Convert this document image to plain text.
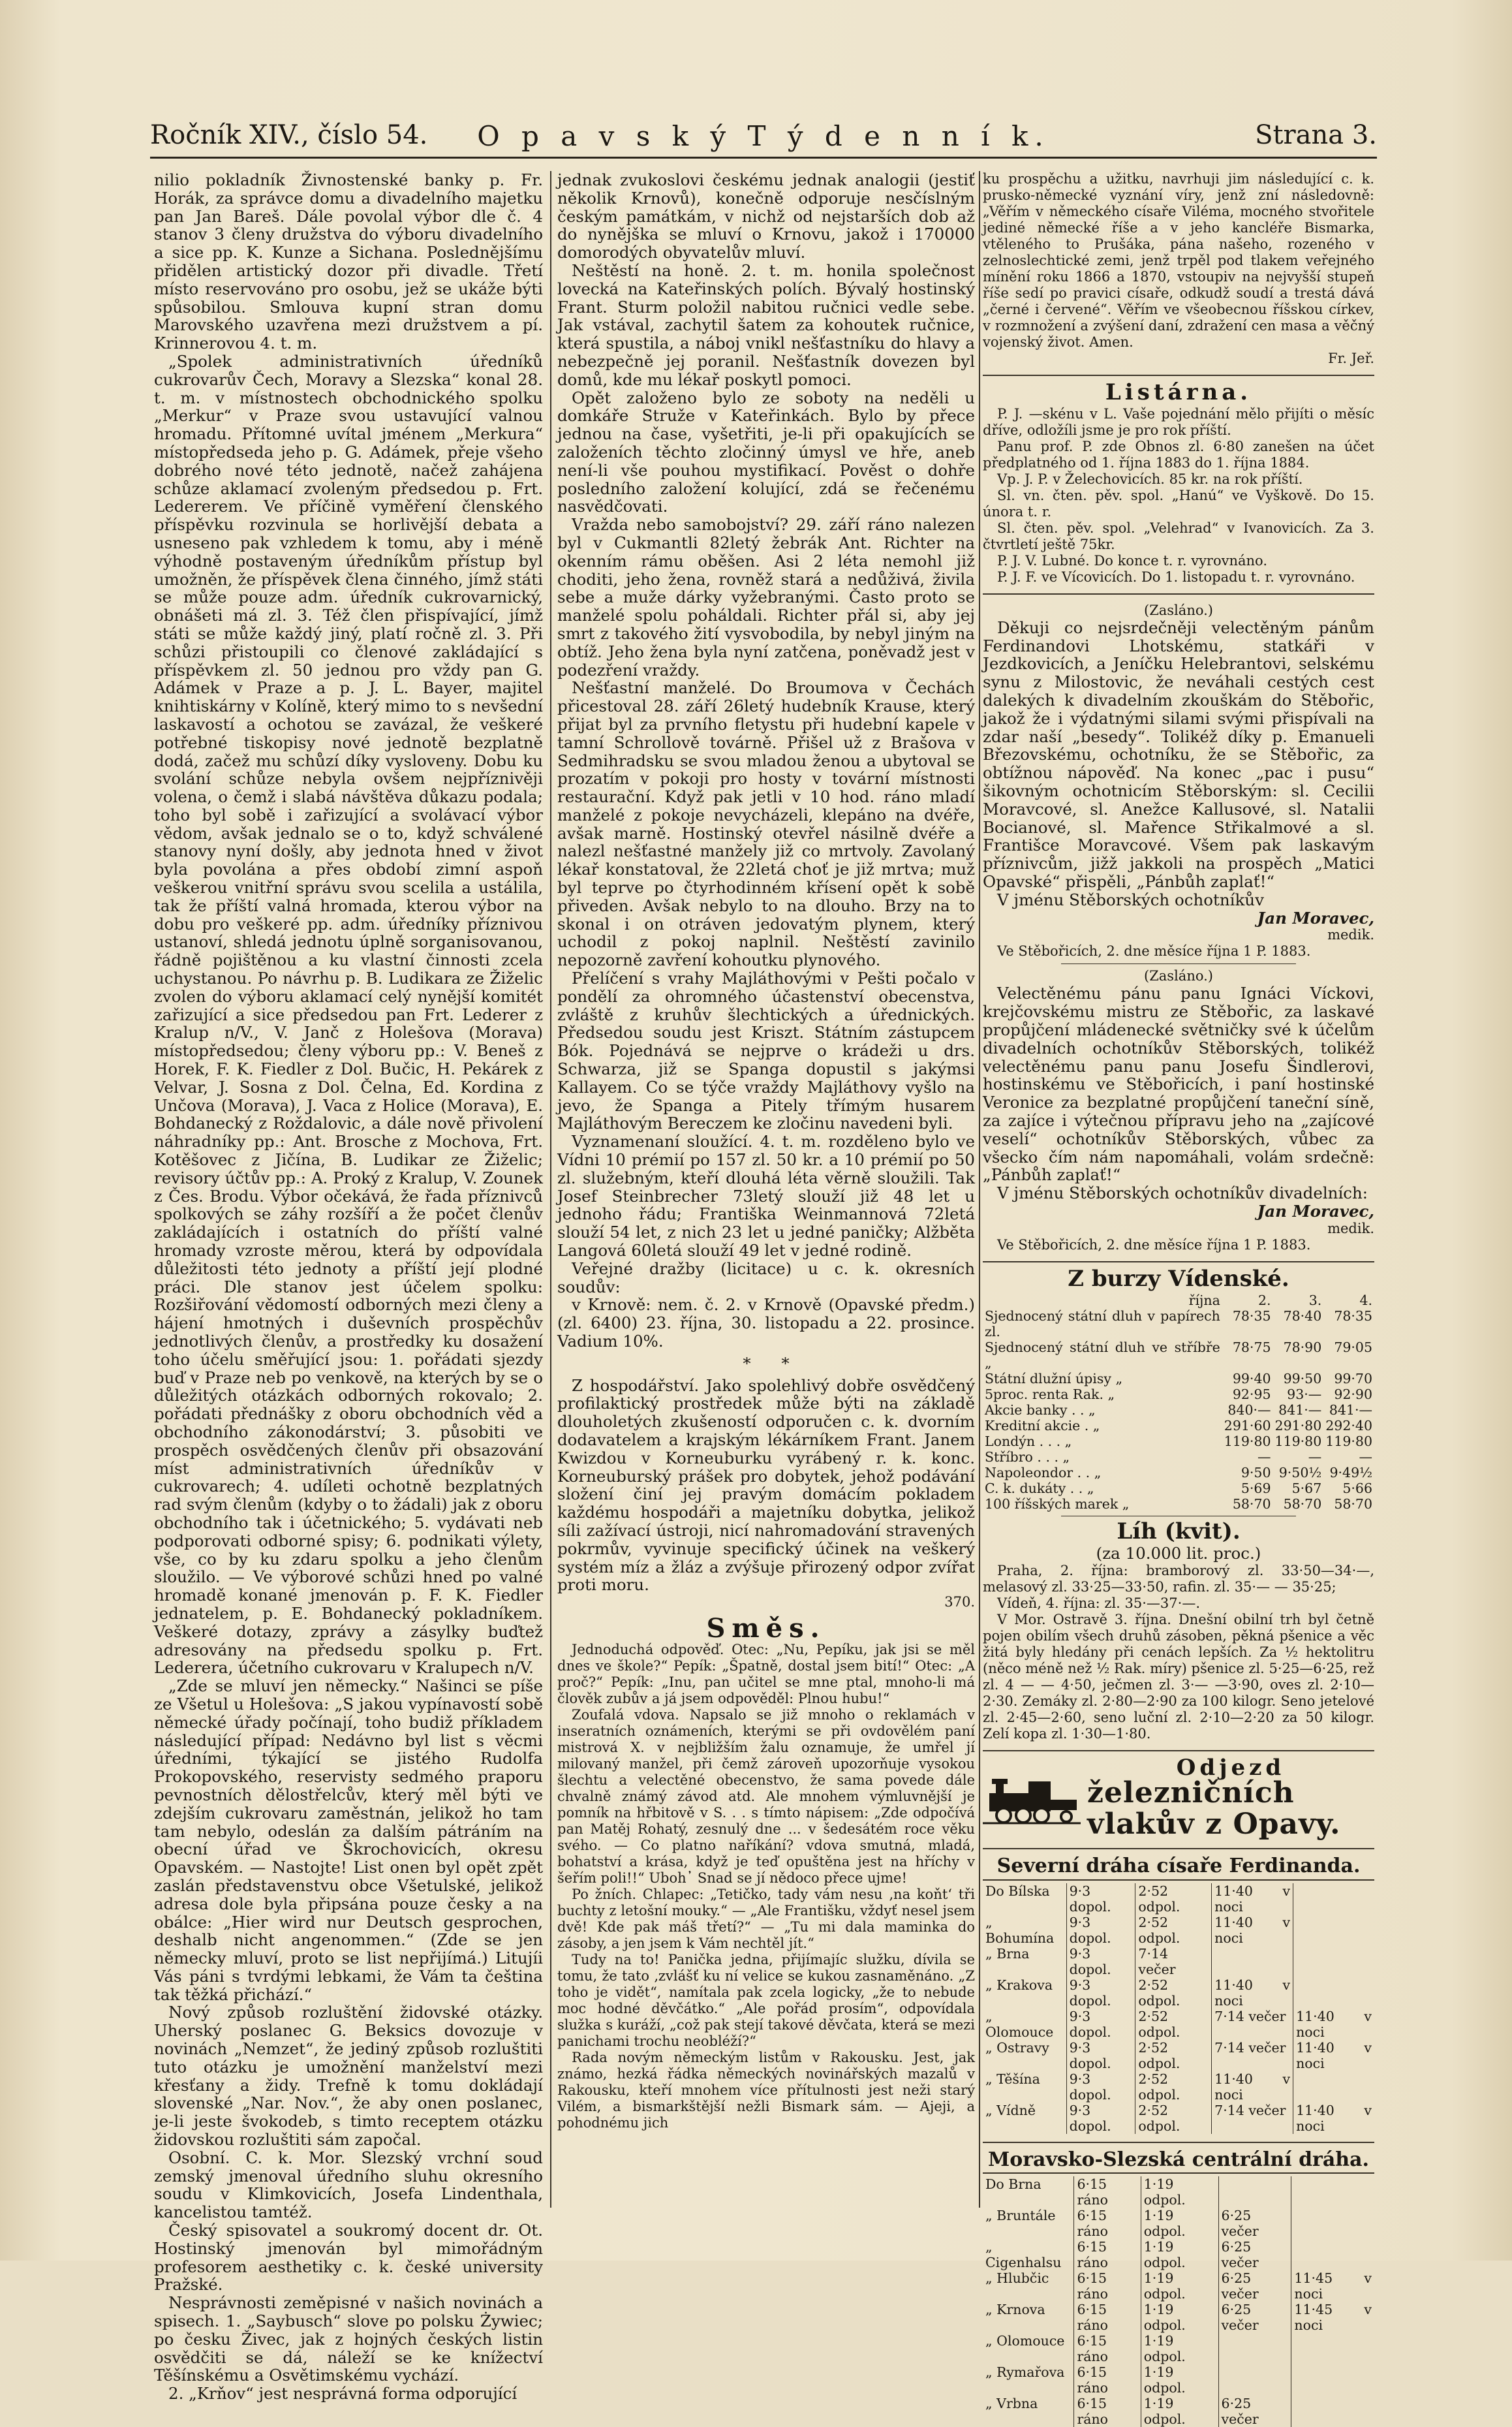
Ročník XIV., číslo 54.	O p a v s k ý T ý d e n n í k.	Strana 3.

nilio pokladník Živnostenské banky p. Fr. Horák, za správce domu a divadelního majetku pan Jan Bareš. Dále povolal výbor dle č. 4 stanov 3 členy družstva do výboru divadelního a sice pp. K. Kunze a Sichana. Poslednějšímu přidělen artistický dozor při divadle. Třetí místo reservováno pro osobu, jež se ukáže býti spůsobilou. Smlouva kupní stran domu Marovského uzavřena mezi družstvem a pí. Krinnerovou 4. t. m.

„Spolek administrativních úředníků cukrovarův Čech, Moravy a Slezska“ konal 28. t. m. v místnostech obchodnického spolku „Merkur“ v Praze svou ustavující valnou hromadu. Přítomné uvítal jménem „Merkura“ místopředseda jeho p. G. Adámek, přeje všeho dobrého nové této jednotě, načež zahájena schůze aklamací zvoleným předsedou p. Frt. Ledererem. Ve příčině vyměření členského příspěvku rozvinula se horlivější debata a usneseno pak vzhledem k tomu, aby i méně výhodně postaveným úředníkům přístup byl umožněn, že příspěvek člena činného, jímž státi se může pouze adm. úředník cukrovarnický, obnášeti má zl. 3. Též člen přispívající, jímž státi se může každý jiný, platí ročně zl. 3. Při schůzi přistoupili co členové zakládající s příspěvkem zl. 50 jednou pro vždy pan G. Adámek v Praze a p. J. L. Bayer, majitel knihtiskárny v Kolíně, který mimo to s nevšední laskavostí a ochotou se zavázal, že veškeré potřebné tiskopisy nové jednotě bezplatně dodá, začež mu schůzí díky vysloveny. Dobu ku svolání schůze nebyla ovšem nejpříznivěji volena, o čemž i slabá návštěva důkazu podala; toho byl sobě i zařizující a svolávací výbor vědom, avšak jednalo se o to, když schválené stanovy nyní došly, aby jednota hned v život byla povolána a přes období zimní aspoň veškerou vnitřní správu svou scelila a ustálila, tak že příští valná hromada, kterou výbor na dobu pro veškeré pp. adm. úředníky příznivou ustanoví, shledá jednotu úplně sorganisovanou, řádně pojištěnou a ku vlastní činnosti zcela uchystanou. Po návrhu p. B. Ludikara ze Žiželic zvolen do výboru aklamací celý nynější komitét zařizující a sice předsedou pan Frt. Lederer z Kralup n/V., V. Janč z Holešova (Morava) místopředsedou; členy výboru pp.: V. Beneš z Horek, F. K. Fiedler z Dol. Bučic, H. Pekárek z Velvar, J. Sosna z Dol. Čelna, Ed. Kordina z Unčova (Morava), J. Vaca z Holice (Morava), E. Bohdanecký z Roždalovic, a dále nově přivolení náhradníky pp.: Ant. Brosche z Mochova, Frt. Kotěšovec z Jičína, B. Ludikar ze Žiželic; revisory účtův pp.: A. Proký z Kralup, V. Zounek z Čes. Brodu. Výbor očekává, že řada příznivců spolkových se záhy rozšíří a že počet členův zakládajících i ostatních do příští valné hromady vzroste měrou, která by odpovídala důležitosti této jednoty a příští její plodné práci. Dle stanov jest účelem spolku: Rozšiřování vědomostí odborných mezi členy a hájení hmotných i duševních prospěchův jednotlivých členův, a prostředky ku dosažení toho účelu směřující jsou: 1. pořádati sjezdy buď v Praze neb po venkově, na kterých by se o důležitých otázkách odborných rokovalo; 2. pořádati přednášky z oboru obchodních věd a obchodního zákonodárství; 3. působiti ve prospěch osvědčených členův při obsazování míst administrativních úředníkův v cukrovarech; 4. udíleti ochotně bezplatných rad svým členům (kdyby o to žádali) jak z oboru obchodního tak i účetnického; 5. vydávati neb podporovati odborné spisy; 6. podnikati výlety, vše, co by ku zdaru spolku a jeho členům sloužilo. — Ve výborové schůzi hned po valné hromadě konané jmenován p. F. K. Fiedler jednatelem, p. E. Bohdanecký pokladníkem. Veškeré dotazy, zprávy a zásylky buďtež adresovány na předsedu spolku p. Frt. Lederera, účetního cukrovaru v Kralupech n/V.

„Zde se mluví jen německy.“ Našinci se píše ze Všetul u Holešova: „S jakou vypínavostí sobě německé úřady počínají, toho budiž příkladem následující případ: Nedávno byl list s věcmi úředními, týkající se jistého Rudolfa Prokopovského, reservisty sedmého praporu pevnostních dělostřelcův, který měl býti ve zdejším cukrovaru zaměstnán, jelikož ho tam tam nebylo, odeslán za dalším pátráním na obecní úřad ve Škrochovicích, okresu Opavském. — Nastojte! List onen byl opět zpět zaslán představenstvu obce Všetulské, jelikož adresa dole byla připsána pouze česky a na obálce: „Hier wird nur Deutsch gesprochen, deshalb nicht angenommen.“ (Zde se jen německy mluví, proto se list nepřijímá.) Litujíi Vás páni s tvrdými lebkami, že Vám ta čeština tak těžká přichází.“

Nový způsob rozluštění židovské otázky. Uherský poslanec G. Beksics dovozuje v novinách „Nemzet“, že jediný způsob rozluštiti tuto otázku je umožnění manželství mezi křesťany a židy. Trefně k tomu dokládají slovenské „Nar. Nov.“, že aby onen poslanec, je-li jeste švokodeb, s timto receptem otázku židovskou rozluštiti sám započal.

Osobní. C. k. Mor. Slezský vrchní soud zemský jmenoval úředního sluhu okresního soudu v Klimkovicích, Josefa Lindenthala, kancelistou tamtéž.

Český spisovatel a soukromý docent dr. Ot. Hostinský jmenován byl mimořádným profesorem aesthetiky c. k. české university Pražské.

Nesprávnosti zeměpisné v našich novinách a spisech. 1. „Saybusch“ slove po polsku Żywiec; po česku Živec, jak z hojných českých listin osvědčiti se dá, náleží se ke knížectví Těšínskému a Osvětimskému vychází.

2. „Krňov“ jest nesprávná forma odporující

jednak zvukoslovi českému jednak analogii (jestiť několik Krnovů), konečně odporuje nesčíslným českým památkám, v nichž od nejstarších dob až do nynějška se mluví o Krnovu, jakož i 170000 domorodých obyvatelův mluví.

Neštěstí na honě. 2. t. m. honila společnost lovecká na Kateřinských polích. Bývalý hostinský Frant. Sturm položil nabitou ručnici vedle sebe. Jak vstával, zachytil šatem za kohoutek ručnice, která spustila, a náboj vnikl nešťastníku do hlavy a nebezpečně jej poranil. Nešťastník dovezen byl domů, kde mu lékař poskytl pomoci.

Opět založeno bylo ze soboty na neděli u domkáře Struže v Kateřinkách. Bylo by přece jednou na čase, vyšetřiti, je-li při opakujících se založeních těchto zločinný úmysl ve hře, aneb není-li vše pouhou mystifikací. Pověst o dohře posledního založení kolující, zdá se řečenému nasvědčovati.

Vražda nebo samobojství? 29. září ráno nalezen byl v Cukmantli 82letý žebrák Ant. Richter na okenním rámu oběšen. Asi 2 léta nemohl již choditi, jeho žena, rovněž stará a nedůživá, živila sebe a muže dárky vyžebranými. Často proto se manželé spolu poháldali. Richter přál si, aby jej smrt z takového žití vysvobodila, by nebyl jiným na obtíž. Jeho žena byla nyní zatčena, poněvadž jest v podezření vraždy.

Nešťastní manželé. Do Broumova v Čechách přicestoval 28. září 26letý hudebník Krause, který přijat byl za prvního fletystu při hudební kapele v tamní Schrollově továrně. Přišel už z Brašova v Sedmihradsku se svou mladou ženou a ubytoval se prozatím v pokoji pro hosty v tovární místnosti restaurační. Když pak jetli v 10 hod. ráno mladí manželé z pokoje nevycházeli, klepáno na dvéře, avšak marně. Hostinský otevřel násilně dvéře a nalezl nešťastné manžely již co mrtvoly. Zavolaný lékař konstatoval, že 22letá choť je již mrtva; muž byl teprve po čtyrhodinném křísení opět k sobě přiveden. Avšak nebylo to na dlouho. Brzy na to skonal i on otráven jedovatým plynem, který uchodil z pokoj naplnil. Neštěstí zavinilo nepozorně zavření kohoutku plynového.

Přelíčení s vrahy Majláthovými v Pešti počalo v pondělí za ohromného účastenství obecenstva, zvláště z kruhův šlechtických a úřednických. Předsedou soudu jest Kriszt. Státním zástupcem Bók. Pojednává se nejprve o krádeži u drs. Schwarza, již se Spanga dopustil s jakýmsi Kallayem. Co se týče vraždy Majláthovy vyšlo na jevo, že Spanga a Pitely třímým husarem Majláthovým Bereczem ke zločinu navedeni byli.

Vyznamenaní sloužící. 4. t. m. rozděleno bylo ve Vídni 10 prémií po 157 zl. 50 kr. a 10 prémií po 50 zl. služebným, kteří dlouhá léta věrně sloužili. Tak Josef Steinbrecher 73letý slouží již 48 let u jednoho řádu; Františka Weinmannová 72letá slouží 54 let, z nich 23 let u jedné paničky; Alžběta Langová 60letá slouží 49 let v jedné rodině.

Veřejné dražby (licitace) u c. k. okresních soudův:

v Krnově: nem. č. 2. v Krnově (Opavské předm.) (zl. 6400) 23. října, 30. listopadu a 22. prosince. Vadium 10%.

*      *

Z hospodářství. Jako spolehlivý dobře osvědčený profilaktický prostředek může býti na základě dlouholetých zkušeností odporučen c. k. dvorním dodavatelem a krajským lékárníkem Frant. Janem Kwizdou v Korneuburku vyrábený r. k. konc. Korneuburský prášek pro dobytek, jehož podávání složení činí jej pravým domácím pokladem každému hospodáři a majetníku dobytka, jelikož síli zažívací ústroji, nicí nahromadování stravených pokrmův, vyvinuje specifický účinek na veškerý systém míz a žláz a zvýšuje přirozený odpor zvířat proti moru.

370.

Směs.

Jednoduchá odpověď. Otec: „Nu, Pepíku, jak jsi se měl dnes ve škole?“ Pepík: „Špatně, dostal jsem bití!“ Otec: „A proč?“ Pepík: „Inu, pan učitel se mne ptal, mnoho-li má člověk zubův a já jsem odpověděl: Plnou hubu!“

Zoufalá vdova. Napsalo se již mnoho o reklamách v inseratních oznámeních, kterými se při ovdovělém paní mistrová X. v nejbližším žalu oznamuje, že umřel jí milovaný manžel, při čemž zároveň upozorňuje vysokou šlechtu a velectěné obecenstvo, že sama povede dále chvalně známý závod atd. Ale mnohem výmluvnější je pomník na hřbitově v S. . . s tímto nápisem: „Zde odpočívá pan Matěj Rohatý, zesnulý dne ... v šedesátém roce věku svého. — Co platno naříkání? vdova smutná, mladá, bohatství a krása, když je teď opuštěna jest na hříchy v šeřím poli!!“ Uboh᾽ Snad se jí nědoco přece ujme!

Po žních. Chlapec: „Tetičko, tady vám nesu ‚na koňt‘ tři buchty z letošní mouky.“ — „Ale Františku, vždyť nesel jsem dvě! Kde pak máš třetí?“ — „Tu mi dala maminka do zásoby, a jen jsem k Vám nechtěl jít.“

Tudy na to! Panička jedna, přijímajíc služku, dívila se tomu, že tato ‚zvlášť ku ní velice se kukou zasnaměnáno. „Z toho je vidět“, namítala pak zcela logicky, „že to nebude moc hodné děvčátko.“ „Ale pořád prosím“, odpovídala služka s kuráží, „což pak stejí takové děvčata, která se mezi panichami trochu neobléží?“

Rada novým německým listům v Rakousku. Jest, jak známo, hezká řádka německých novinářských mazalů v Rakousku, kteří mnohem více přítulnosti jest neži starý Vilém, a bismarkštější nežli Bismark sám. — Ajeji, a pohodnému jich

ku prospěchu a užitku, navrhuji jim následující c. k. prusko-německé vyznání víry, jenž zní následovně: „Věřím v německého císaře Viléma, mocného stvořitele jediné německé říše a v jeho kancléře Bismarka, vtěleného to Prušáka, pána našeho, rozeného v zelnoslechtické zemi, jenž trpěl pod tlakem veřejného mínění roku 1866 a 1870, vstoupiv na nejvyšší stupeň říše sedí po pravici císaře, odkudž soudí a trestá dává „černé i červené“. Věřím ve všeobecnou říšskou církev, v rozmnožení a zvýšení daní, zdražení cen masa a věčný vojenský život. Amen.

Fr. Jeř.

Listárna.

P. J. —skénu v L. Vaše pojednání mělo přijíti o měsíc dříve, odložíli jsme je pro rok příští.

Panu prof. P. zde Obnos zl. 6·80 zanešen na účet předplatného od 1. října 1883 do 1. října 1884.

Vp. J. P. v Želechovicích. 85 kr. na rok příští.

Sl. vn. čten. pěv. spol. „Hanú“ ve Vyškově. Do 15. února t. r.

Sl. čten. pěv. spol. „Velehrad“ v Ivanovicích. Za 3. čtvrtletí ještě 75kr.

P. J. V. Lubné. Do konce t. r. vyrovnáno.

P. J. F. ve Vícovicích. Do 1. listopadu t. r. vyrovnáno.

(Zasláno.)

Děkuji co nejsrdečněji velectěným pánům Ferdinandovi Lhotskému, statkáři v Jezdkovicích, a Jeníčku Helebrantovi, selskému synu z Milostovic, že neváhali cestých cest dalekých k divadelním zkouškám do Stěbořic, jakož že i výdatnými silami svými přispívali na zdar naší „besedy“. Tolikéž díky p. Emanueli Březovskému, ochotníku, že se Stěbořic, za obtížnou nápověď. Na konec „pac i pusu“ šikovným ochotnicím Stěborským: sl. Cecilii Moravcové, sl. Anežce Kallusové, sl. Natalii Bocianové, sl. Mařence Střikalmové a sl. Františce Moravcové. Všem pak laskavým příznivcům, jižž jakkoli na prospěch „Matici Opavské“ přispěli, „Pánbůh zaplať!“

V jménu Stěborských ochotníkův

Jan Moravec,

medik.

Ve Stěbořicích, 2. dne měsíce října 1 P. 1883.

(Zasláno.)

Velectěnému pánu panu Ignáci Víckovi, krejčovskému mistru ze Stěbořic, za laskavé propůjčení mládenecké světničky své k účelům divadelních ochotníkův Stěborských, tolikéž velectěnému panu panu Josefu Šindlerovi, hostinskému ve Stěbořicích, i paní hostinské Veronice za bezplatné propůjčení taneční síně, za zajíce i výtečnou přípravu jeho na „zajícové veselí“ ochotníkův Stěborských, vůbec za všecko čím nám napomáhali, volám srdečně: „Pánbůh zaplať!“

V jménu Stěborských ochotníkův divadelních:

Jan Moravec,

medik.

Ve Stěbořicích, 2. dne měsíce října 1 P. 1883.

Z burzy Vídenské.
října	2.	3.	4.
Sjednocený státní dluh v papírech zl.	78·35	78·40	78·35
Sjednocený státní dluh ve stříbře „	78·75	78·90	79·05
Státní dlužní úpisy „	99·40	99·50	99·70
5proc. renta Rak. „	92·95	93·—	92·90
Akcie banky . . „	840·—	841·—	841·—
Kreditní akcie . „	291·60	291·80	292·40
Londýn . . . „	119·80	119·80	119·80
Stříbro . . . „	—	—	—
Napoleondor . . „	9·50	9·50½	9·49½
C. k. dukáty . . „	5·69	5·67	5·66
100 říšských marek „	58·70	58·70	58·70
Líh (kvit).

(za 10.000 lit. proc.)

Praha, 2. října: bramborový zl. 33·50—34·—, melasový zl. 33·25—33·50, rafin. zl. 35·— — 35·25;

Vídeň, 4. října: zl. 35·—37·—.

V Mor. Ostravě 3. října. Dnešní obilní trh byl četně pojen obilím všech druhů zásoben, pěkná pšenice a věc žitá byly hledány při cenách lepších. Za ½ hektolitru (něco méně než ½ Rak. míry) pšenice zl. 5·25—6·25, rež zl. 4 — — 4·50, ječmen zl. 3·— —3·90, oves zl. 2·10—2·30. Zemáky zl. 2·80—2·90 za 100 kilogr. Seno jetelové zl. 2·45—2·60, seno luční zl. 2·10—2·20 za 50 kilogr. Zelí kopa zl. 1·30—1·80.

Odjezd
železničních vlakův z Opavy.
Severní dráha císaře Ferdinanda.
Do Bílska	9·3 dopol.	2·52 odpol.	11·40 v noci	
„ Bohumína	9·3 dopol.	2·52 odpol.	11·40 v noci	
„ Brna	9·3 dopol.	7·14 večer		
„ Krakova	9·3 dopol.	2·52 odpol.	11·40 v noci	
„ Olomouce	9·3 dopol.	2·52 odpol.	7·14 večer	11·40 v noci
„ Ostravy	9·3 dopol.	2·52 odpol.	7·14 večer	11·40 v noci
„ Těšína	9·3 dopol.	2·52 odpol.	11·40 v noci	
„ Vídně	9·3 dopol.	2·52 odpol.	7·14 večer	11·40 v noci
Moravsko-Slezská centrální dráha.
Do Brna	6·15 ráno	1·19 odpol.		
„ Bruntále	6·15 ráno	1·19 odpol.	6·25 večer	
„ Cigenhalsu	6·15 ráno	1·19 odpol.	6·25 večer	
„ Hlubčic	6·15 ráno	1·19 odpol.	6·25 večer	11·45 v noci
„ Krnova	6·15 ráno	1·19 odpol.	6·25 večer	11·45 v noci
„ Olomouce	6·15 ráno	1·19 odpol.		
„ Rymařova	6·15 ráno	1·19 odpol.		
„ Vrbna	6·15 ráno	1·19 odpol.	6·25 večer	
